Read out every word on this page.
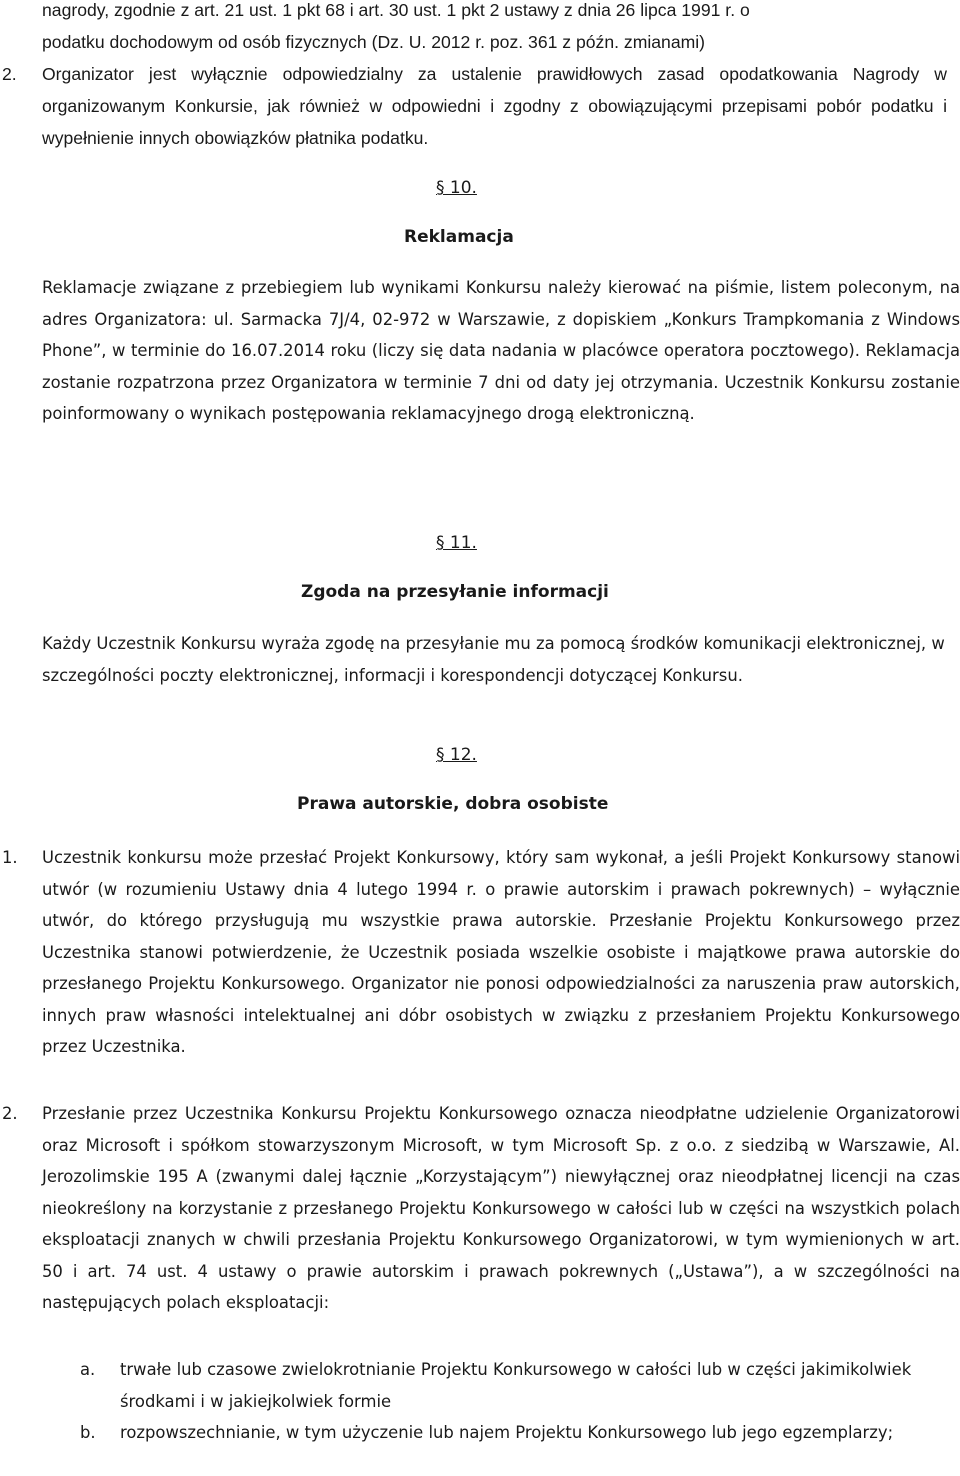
nagrody, zgodnie z art. 21 ust. 1 pkt 68 i art. 30 ust. 1 pkt 2 ustawy z dnia 26 lipca 1991 r. o
podatku dochodowym od osób fizycznych (Dz. U. 2012 r. poz. 361 z późn. zmianami)
2. Organizator jest wyłącznie odpowiedzialny za ustalenie prawidłowych zasad opodatkowania Nagrody w organizowanym Konkursie, jak również w odpowiedni i zgodny z obowiązującymi przepisami pobór podatku i wypełnienie innych obowiązków płatnika podatku.
§ 10.
Reklamacja
Reklamacje związane z przebiegiem lub wynikami Konkursu należy kierować na piśmie, listem poleconym, na adres Organizatora: ul. Sarmacka 7J/4, 02-972 w Warszawie, z dopiskiem „Konkurs Trampkomania z Windows Phone”, w terminie do 16.07.2014 roku (liczy się data nadania w placówce operatora pocztowego). Reklamacja zostanie rozpatrzona przez Organizatora w terminie 7 dni od daty jej otrzymania. Uczestnik Konkursu zostanie poinformowany o wynikach postępowania reklamacyjnego drogą elektroniczną.
§ 11.
Zgoda na przesyłanie informacji
Każdy Uczestnik Konkursu wyraża zgodę na przesyłanie mu za pomocą środków komunikacji elektronicznej, w szczególności poczty elektronicznej, informacji i korespondencji dotyczącej Konkursu.
§ 12.
Prawa autorskie, dobra osobiste
1. Uczestnik konkursu może przesłać Projekt Konkursowy, który sam wykonał, a jeśli Projekt Konkursowy stanowi utwór (w rozumieniu Ustawy dnia 4 lutego 1994 r. o prawie autorskim i prawach pokrewnych) – wyłącznie utwór, do którego przysługują mu wszystkie prawa autorskie. Przesłanie Projektu Konkursowego przez Uczestnika stanowi potwierdzenie, że Uczestnik posiada wszelkie osobiste i majątkowe prawa autorskie do przesłanego Projektu Konkursowego. Organizator nie ponosi odpowiedzialności za naruszenia praw autorskich, innych praw własności intelektualnej ani dóbr osobistych w związku z przesłaniem Projektu Konkursowego przez Uczestnika.
2. Przesłanie przez Uczestnika Konkursu Projektu Konkursowego oznacza nieodpłatne udzielenie Organizatorowi oraz Microsoft i spółkom stowarzyszonym Microsoft, w tym Microsoft Sp. z o.o. z siedzibą w Warszawie, Al. Jerozolimskie 195 A (zwanymi dalej łącznie „Korzystającym”) niewyłącznej oraz nieodpłatnej licencji na czas nieokreślony na korzystanie z przesłanego Projektu Konkursowego w całości lub w części na wszystkich polach eksploatacji znanych w chwili przesłania Projektu Konkursowego Organizatorowi, w tym wymienionych w art. 50 i art. 74 ust. 4 ustawy o prawie autorskim i prawach pokrewnych („Ustawa”), a w szczególności na następujących polach eksploatacji:
a. trwałe lub czasowe zwielokrotnianie Projektu Konkursowego w całości lub w części jakimikolwiek środkami i w jakiejkolwiek formie
b. rozpowszechnianie, w tym użyczenie lub najem Projektu Konkursowego lub jego egzemplarzy;
